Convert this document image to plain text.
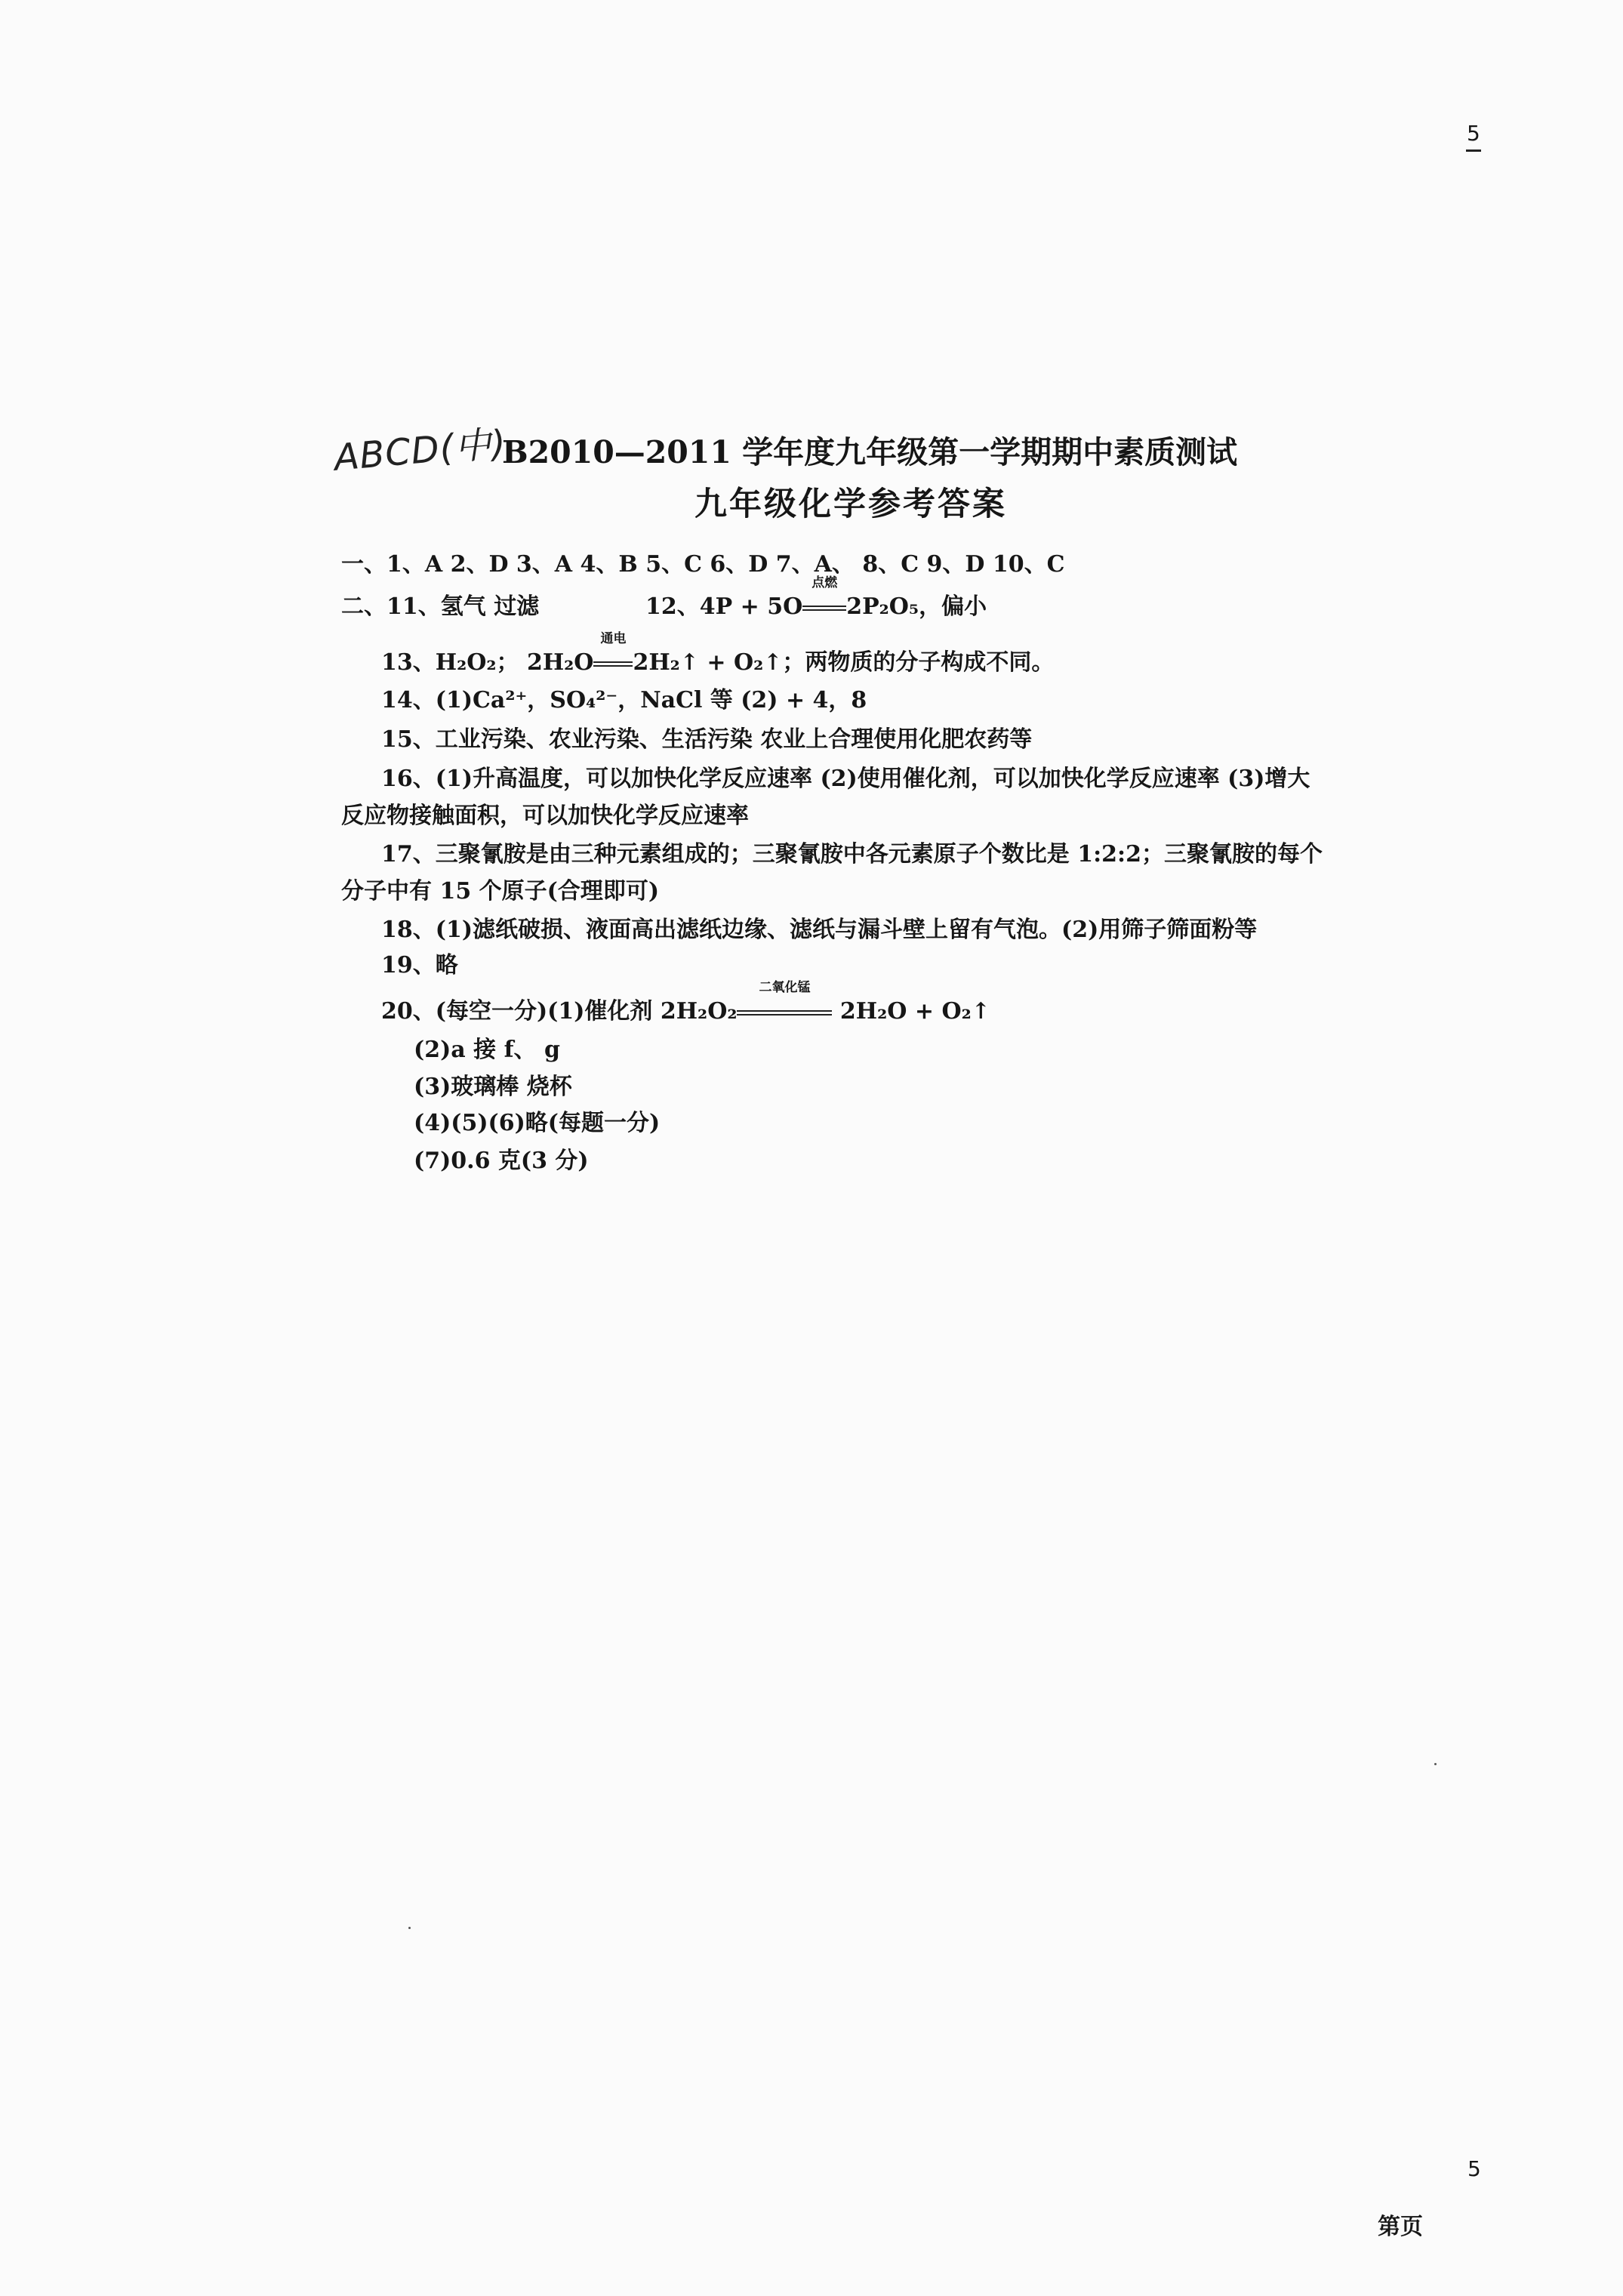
5
ABCD(中)
B2010—2011 学年度九年级第一学期期中素质测试
九年级化学参考答案
一、1、A 2、D 3、A 4、B 5、C 6、D 7、A、 8、C 9、D 10、C
二、11、氢气 过滤	12、4P + 5O
点燃
2P₂O₅，偏小
13、H₂O₂； 2H₂O
通电
2H₂↑ + O₂↑；两物质的分子构成不同。
14、(1)Ca²⁺，SO₄²⁻，NaCl 等 (2) + 4，8
15、工业污染、农业污染、生活污染 农业上合理使用化肥农药等
16、(1)升高温度，可以加快化学反应速率 (2)使用催化剂，可以加快化学反应速率 (3)增大
反应物接触面积，可以加快化学反应速率
17、三聚氰胺是由三种元素组成的；三聚氰胺中各元素原子个数比是 1:2:2；三聚氰胺的每个
分子中有 15 个原子(合理即可)
18、(1)滤纸破损、液面高出滤纸边缘、滤纸与漏斗壁上留有气泡。(2)用筛子筛面粉等
19、略
20、(每空一分)(1)催化剂 2H₂O₂
二氧化锰
2H₂O + O₂↑
(2)a 接 f、 g
(3)玻璃棒 烧杯
(4)(5)(6)略(每题一分)
(7)0.6 克(3 分)
5
第页
